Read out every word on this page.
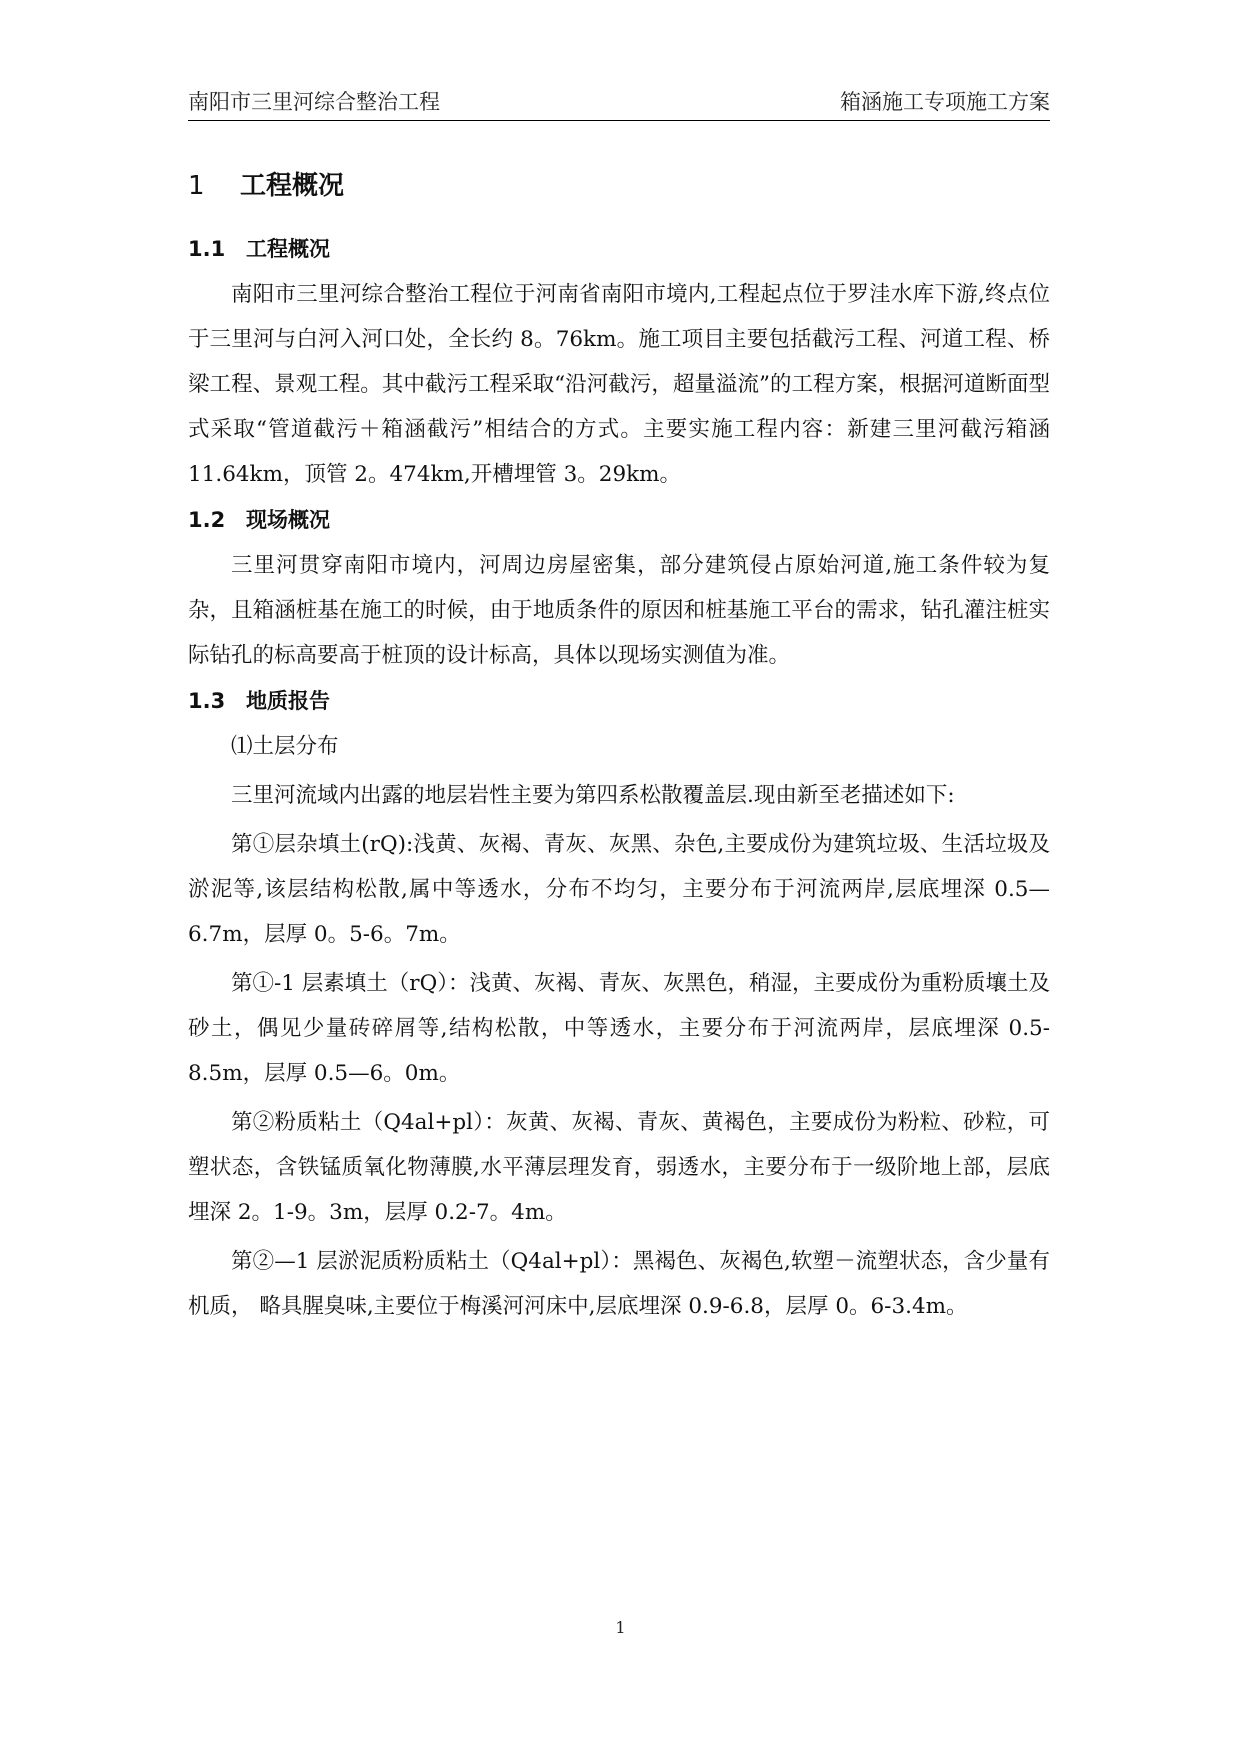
南阳市三里河综合整治工程	箱涵施工专项施工方案
1 工程概况
1.1 工程概况

南阳市三里河综合整治工程位于河南省南阳市境内,工程起点位于罗洼水库下游,终点位于三里河与白河入河口处，全长约 8。76km。施工项目主要包括截污工程、河道工程、桥梁工程、景观工程。其中截污工程采取“沿河截污，超量溢流”的工程方案，根据河道断面型式采取“管道截污＋箱涵截污”相结合的方式。主要实施工程内容：新建三里河截污箱涵 11.64km，顶管 2。474km,开槽埋管 3。29km。

1.2 现场概况

三里河贯穿南阳市境内，河周边房屋密集，部分建筑侵占原始河道,施工条件较为复杂，且箱涵桩基在施工的时候，由于地质条件的原因和桩基施工平台的需求，钻孔灌注桩实际钻孔的标高要高于桩顶的设计标高，具体以现场实测值为准。

1.3 地质报告

⑴土层分布

三里河流域内出露的地层岩性主要为第四系松散覆盖层.现由新至老描述如下:

第①层杂填土(rQ):浅黄、灰褐、青灰、灰黑、杂色,主要成份为建筑垃圾、生活垃圾及淤泥等,该层结构松散,属中等透水，分布不均匀，主要分布于河流两岸,层底埋深 0.5—6.7m，层厚 0。5-6。7m。

第①-1 层素填土（rQ）：浅黄、灰褐、青灰、灰黑色，稍湿，主要成份为重粉质壤土及砂土，偶见少量砖碎屑等,结构松散，中等透水，主要分布于河流两岸，层底埋深 0.5-8.5m，层厚 0.5—6。0m。

第②粉质粘土（Q4al+pl）：灰黄、灰褐、青灰、黄褐色，主要成份为粉粒、砂粒，可塑状态，含铁锰质氧化物薄膜,水平薄层理发育，弱透水，主要分布于一级阶地上部，层底埋深 2。1-9。3m，层厚 0.2-7。4m。

第②—1 层淤泥质粉质粘土（Q4al+pl）：黑褐色、灰褐色,软塑－流塑状态，含少量有机质， 略具腥臭味,主要位于梅溪河河床中,层底埋深 0.9-6.8，层厚 0。6-3.4m。

1
